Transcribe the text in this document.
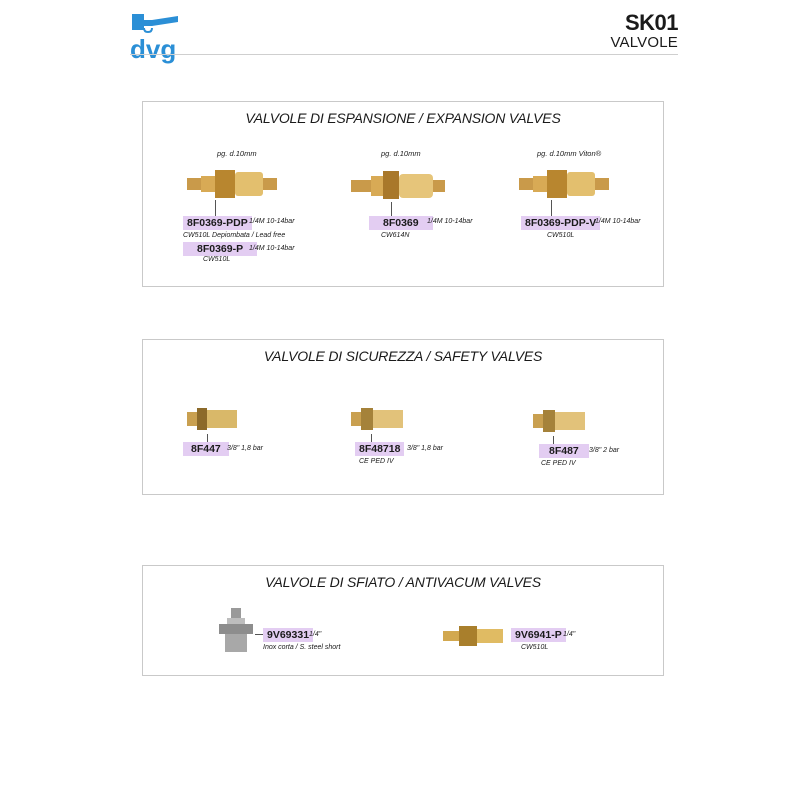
dvg
SK01
VALVOLE
VALVOLE DI ESPANSIONE / EXPANSION VALVES
pg. d.10mm
8F0369-PDP 1/4M 10-14bar
CW510L Depiombata / Lead free
8F0369-P 1/4M 10-14bar
CW510L
pg. d.10mm
8F0369	1/4M 10-14bar
CW614N
pg. d.10mm Viton®
8F0369-PDP-V
1/4M 10-14bar
CW510L
VALVOLE DI SICUREZZA / SAFETY VALVES
8F447 3/8" 1,8 bar	8F48718 3/8" 1,8 bar
CE PED IV
8F487	3/8" 2 bar
CE PED IV
VALVOLE DI SFIATO / ANTIVACUM VALVES
9V69331 1/4"
Inox corta / S. steel short
9V6941-P 1/4"
CW510L
